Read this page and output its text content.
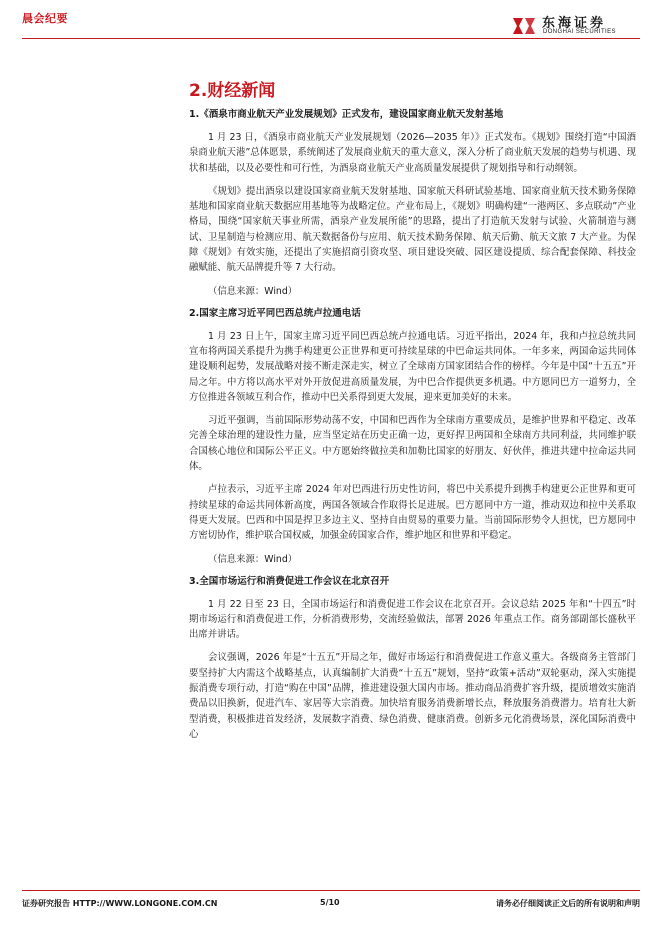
晨会纪要	东海证券
DONGHAI SECURITIES
2.财经新闻
1.《酒泉市商业航天产业发展规划》正式发布，建设国家商业航天发射基地
1 月 23 日，《酒泉市商业航天产业发展规划（2026—2035 年）》正式发布。《规划》围绕打造“中国酒泉商业航天港”总体愿景，系统阐述了发展商业航天的重大意义，深入分析了商业航天发展的趋势与机遇、现状和基础，以及必要性和可行性，为酒泉商业航天产业高质量发展提供了规划指导和行动纲领。
《规划》提出酒泉以建设国家商业航天发射基地、国家航天科研试验基地、国家商业航天技术勤务保障基地和国家商业航天数据应用基地等为战略定位。产业布局上，《规划》明确构建“一港两区、多点联动”产业格局，围绕“国家航天事业所需，酒泉产业发展所能”的思路，提出了打造航天发射与试验、火箭制造与测试、卫星制造与检测应用、航天数据备份与应用、航天技术勤务保障、航天后勤、航天文旅 7 大产业。为保障《规划》有效实施，还提出了实施招商引资攻坚、项目建设突破、园区建设提质、综合配套保障、科技金融赋能、航天品牌提升等 7 大行动。
（信息来源：Wind）
2.国家主席习近平同巴西总统卢拉通电话
1 月 23 日上午，国家主席习近平同巴西总统卢拉通电话。习近平指出，2024 年，我和卢拉总统共同宣布将两国关系提升为携手构建更公正世界和更可持续星球的中巴命运共同体。一年多来，两国命运共同体建设顺利起势，发展战略对接不断走深走实，树立了全球南方国家团结合作的榜样。今年是中国“十五五”开局之年。中方将以高水平对外开放促进高质量发展，为中巴合作提供更多机遇。中方愿同巴方一道努力，全方位推进各领域互利合作，推动中巴关系得到更大发展，迎来更加美好的未来。
习近平强调，当前国际形势动荡不安，中国和巴西作为全球南方重要成员，是维护世界和平稳定、改革完善全球治理的建设性力量，应当坚定站在历史正确一边，更好捍卫两国和全球南方共同利益，共同维护联合国核心地位和国际公平正义。中方愿始终做拉美和加勒比国家的好朋友、好伙伴，推进共建中拉命运共同体。
卢拉表示，习近平主席 2024 年对巴西进行历史性访问，将巴中关系提升到携手构建更公正世界和更可持续星球的命运共同体新高度，两国各领域合作取得长足进展。巴方愿同中方一道，推动双边和拉中关系取得更大发展。巴西和中国是捍卫多边主义、坚持自由贸易的重要力量。当前国际形势令人担忧，巴方愿同中方密切协作，维护联合国权威，加强金砖国家合作，维护地区和世界和平稳定。
（信息来源：Wind）
3.全国市场运行和消费促进工作会议在北京召开
1 月 22 日至 23 日，全国市场运行和消费促进工作会议在北京召开。会议总结 2025 年和“十四五”时期市场运行和消费促进工作，分析消费形势，交流经验做法，部署 2026 年重点工作。商务部副部长盛秋平出席并讲话。
会议强调，2026 年是“十五五”开局之年，做好市场运行和消费促进工作意义重大。各级商务主管部门要坚持扩大内需这个战略基点，认真编制扩大消费“十五五”规划，坚持“政策+活动”双轮驱动，深入实施提振消费专项行动，打造“购在中国”品牌，推进建设强大国内市场。推动商品消费扩容升级，提质增效实施消费品以旧换新，促进汽车、家居等大宗消费。加快培育服务消费新增长点，释放服务消费潜力。培育壮大新型消费，积极推进首发经济，发展数字消费、绿色消费、健康消费。创新多元化消费场景，深化国际消费中心
证券研究报告 HTTP://WWW.LONGONE.COM.CN	5/10	请务必仔细阅读正文后的所有说明和声明
